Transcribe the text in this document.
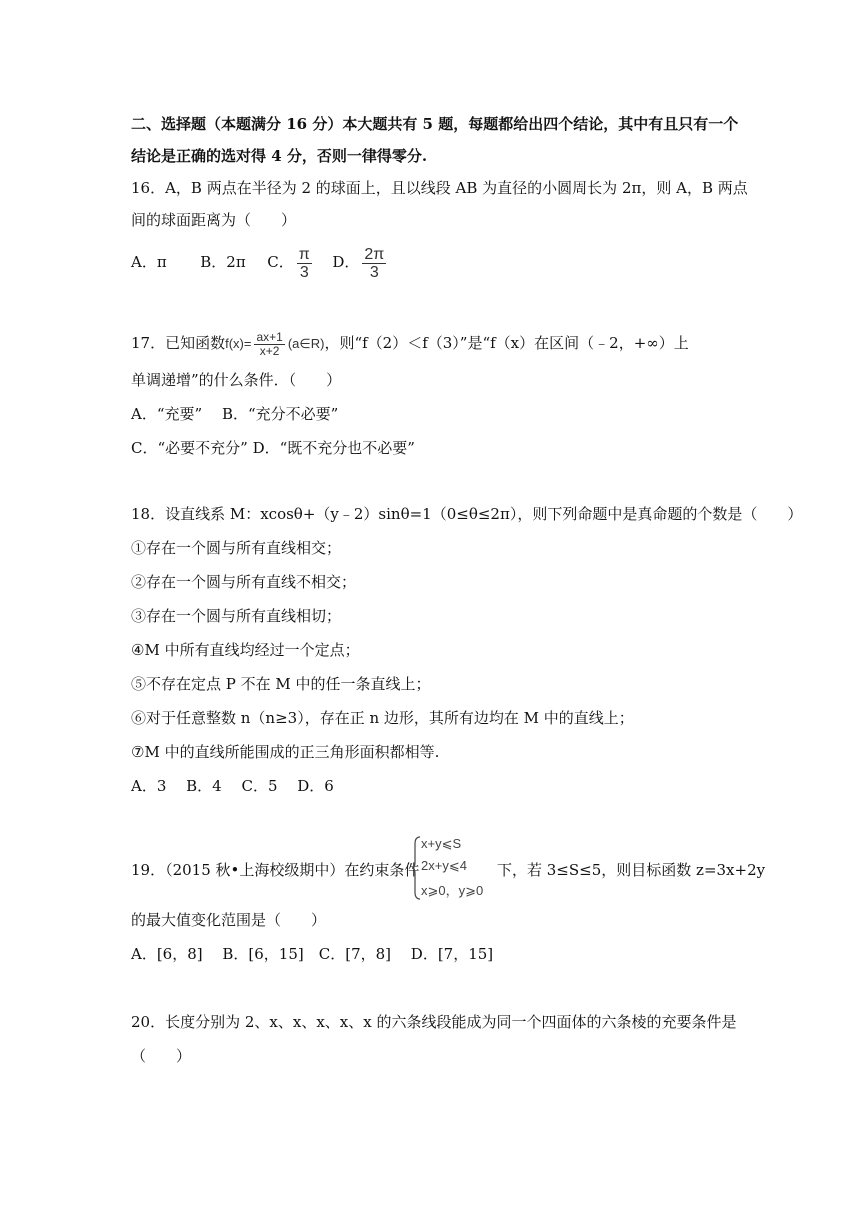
二、选择题（本题满分 16 分）本大题共有 5 题，每题都给出四个结论，其中有且只有一个
结论是正确的选对得 4 分，否则一律得零分.
16．A，B 两点在半径为 2 的球面上，且以线段 AB 为直径的小圆周长为 2π，则 A，B 两点
间的球面距离为（　　）
A．π B．2π C． $\frac{\pi}{3}$ D． $\frac{2\pi}{3}$
17．已知函数$f(x)= \frac{ax+1}{x+2}$ (a∈R)，则“f（2）＜f（3）”是“f（x）在区间（﹣2，+∞）上
单调递增”的什么条件．（　　）
A．“充要”　 B．“充分不必要”
C．“必要不充分” D．“既不充分也不必要”
18．设直线系 M：xcosθ+（y﹣2）sinθ=1（0≤θ≤2π），则下列命题中是真命题的个数是（　　）
①存在一个圆与所有直线相交；
②存在一个圆与所有直线不相交；
③存在一个圆与所有直线相切；
④M 中所有直线均经过一个定点；
⑤不存在定点 P 不在 M 中的任一条直线上；
⑥对于任意整数 n（n≥3），存在正 n 边形，其所有边均在 M 中的直线上；
⑦M 中的直线所能围成的正三角形面积都相等.
A．3　 B．4　 C．5　 D．6
19．（2015 秋•上海校级期中）在约束条件
x+y⩽S
2x+y⩽4
x⩾0，y⩾0
下，若 3≤S≤5，则目标函数 z=3x+2y
的最大值变化范围是（　　）
A．[6，8]　 B．[6，15]　C．[7，8]　 D．[7，15]
20．长度分别为 2、x、x、x、x、x 的六条线段能成为同一个四面体的六条棱的充要条件是
（　　）
